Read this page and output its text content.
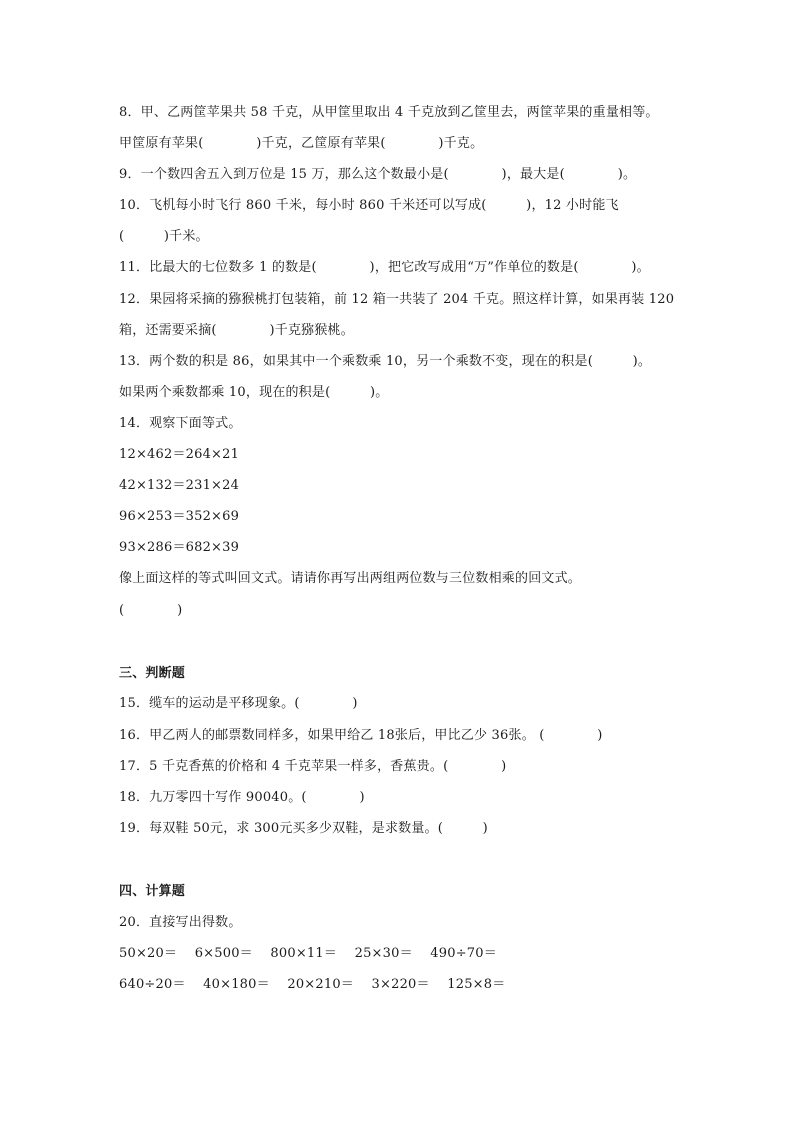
8．甲、乙两筐苹果共 58 千克，从甲筐里取出 4 千克放到乙筐里去，两筐苹果的重量相等。
甲筐原有苹果(　　　　)千克，乙筐原有苹果(　　　　)千克。
9．一个数四舍五入到万位是 15 万，那么这个数最小是(　　　　)，最大是(　　　　)。
10．飞机每小时飞行 860 千米，每小时 860 千米还可以写成(　　　)，12 小时能飞
(　　　)千米。
11．比最大的七位数多 1 的数是(　　　　)，把它改写成用“万”作单位的数是(　　　　)。
12．果园将采摘的猕猴桃打包装箱，前 12 箱一共装了 204 千克。照这样计算，如果再装 120
箱，还需要采摘(　　　　)千克猕猴桃。
13．两个数的积是 86，如果其中一个乘数乘 10，另一个乘数不变，现在的积是(　　　)。
如果两个乘数都乘 10，现在的积是(　　　)。
14．观察下面等式。
12×462＝264×21
42×132＝231×24
96×253＝352×69
93×286＝682×39
像上面这样的等式叫回文式。请请你再写出两组两位数与三位数相乘的回文式。
(　　　　)
三、判断题
15．缆车的运动是平移现象。(　　　　)
16．甲乙两人的邮票数同样多，如果甲给乙 18张后，甲比乙少 36张。 (　　　　)
17．5 千克香蕉的价格和 4 千克苹果一样多，香蕉贵。(　　　　)
18．九万零四十写作 90040。(　　　　)
19．每双鞋 50元，求 300元买多少双鞋，是求数量。(　　　)
四、计算题
20．直接写出得数。
50×20＝　 6×500＝　 800×11＝　 25×30＝　 490÷70＝
640÷20＝　 40×180＝　 20×210＝　 3×220＝　 125×8＝
